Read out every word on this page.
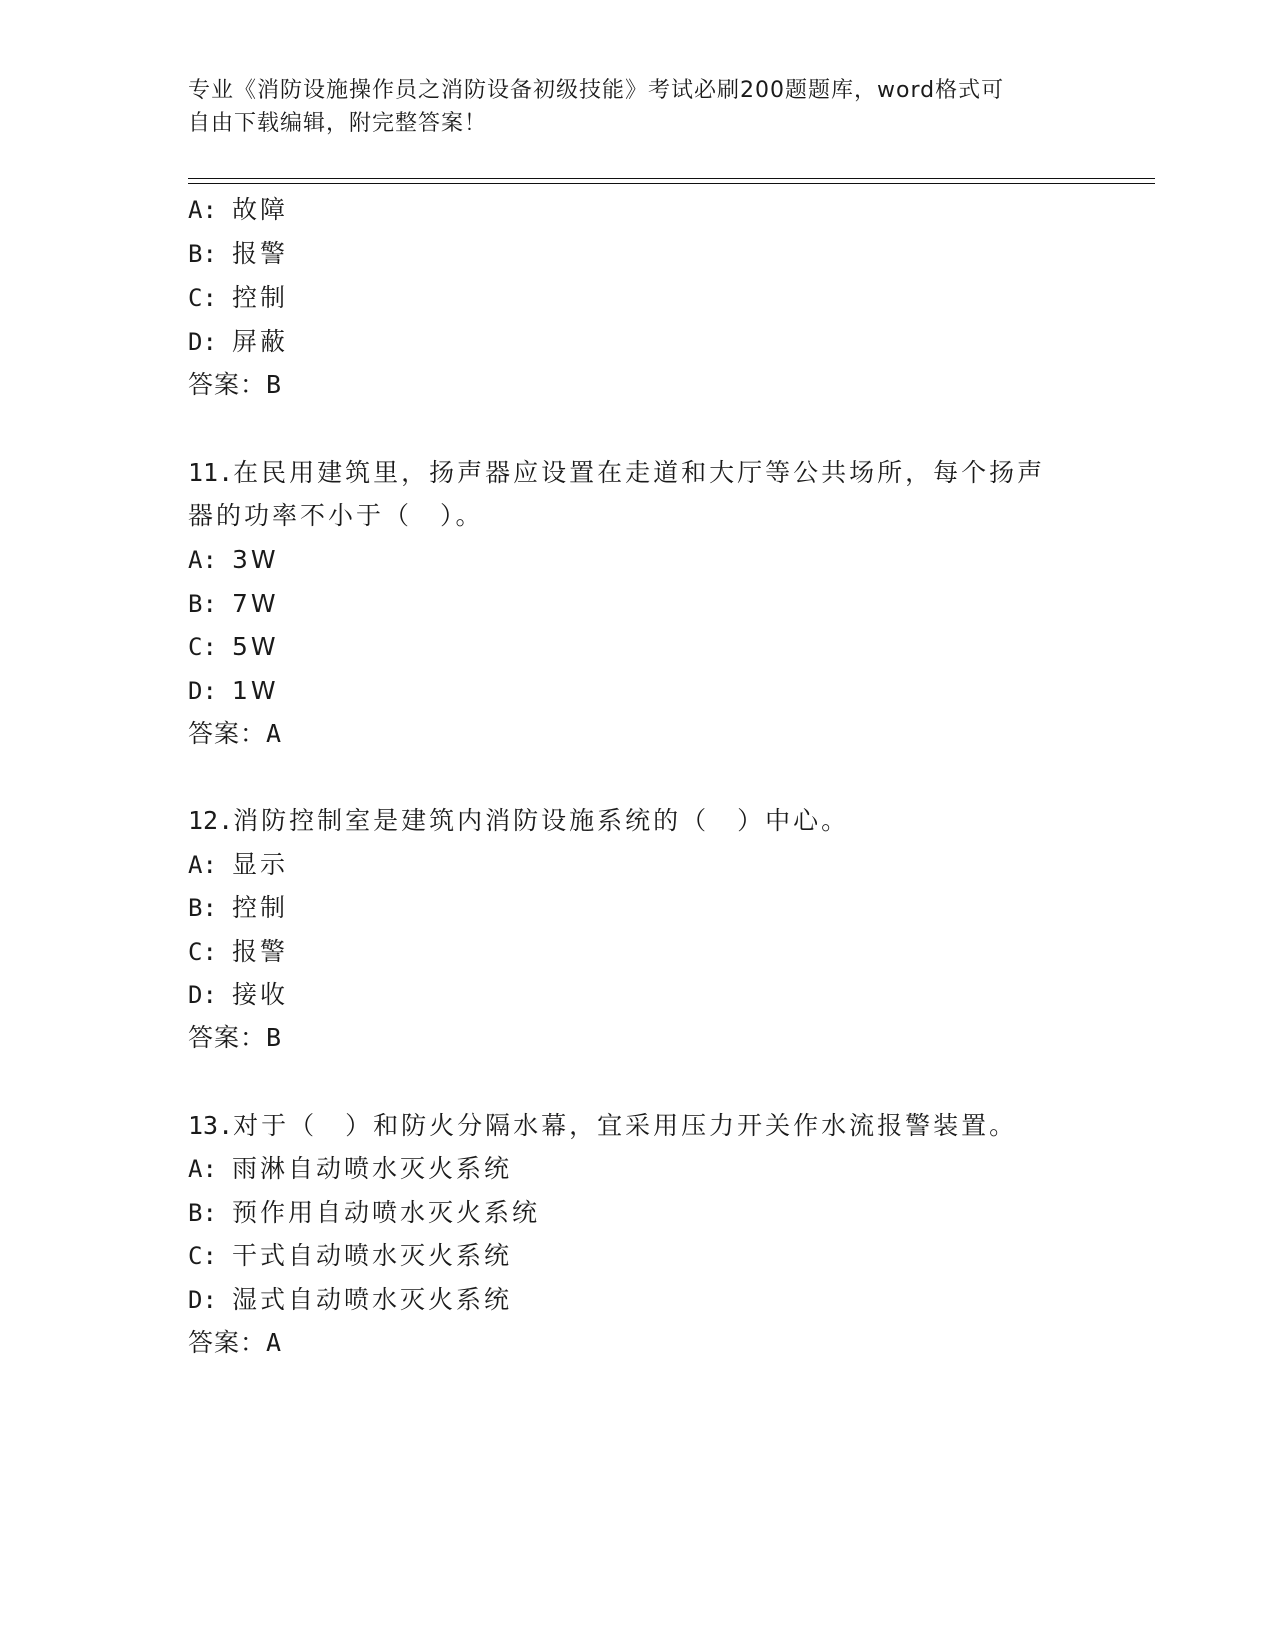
专业《消防设施操作员之消防设备初级技能》考试必刷200题题库，word格式可
自由下载编辑，附完整答案！
A: 故障
B: 报警
C: 控制
D: 屏蔽
答案：B
11.在民用建筑里，扬声器应设置在走道和大厅等公共场所，每个扬声
器的功率不小于（　）。
A: 3W
B: 7W
C: 5W
D: 1W
答案：A
12.消防控制室是建筑内消防设施系统的（　）中心。
A: 显示
B: 控制
C: 报警
D: 接收
答案：B
13.对于（　）和防火分隔水幕，宜采用压力开关作水流报警装置。
A: 雨淋自动喷水灭火系统
B: 预作用自动喷水灭火系统
C: 干式自动喷水灭火系统
D: 湿式自动喷水灭火系统
答案：A
